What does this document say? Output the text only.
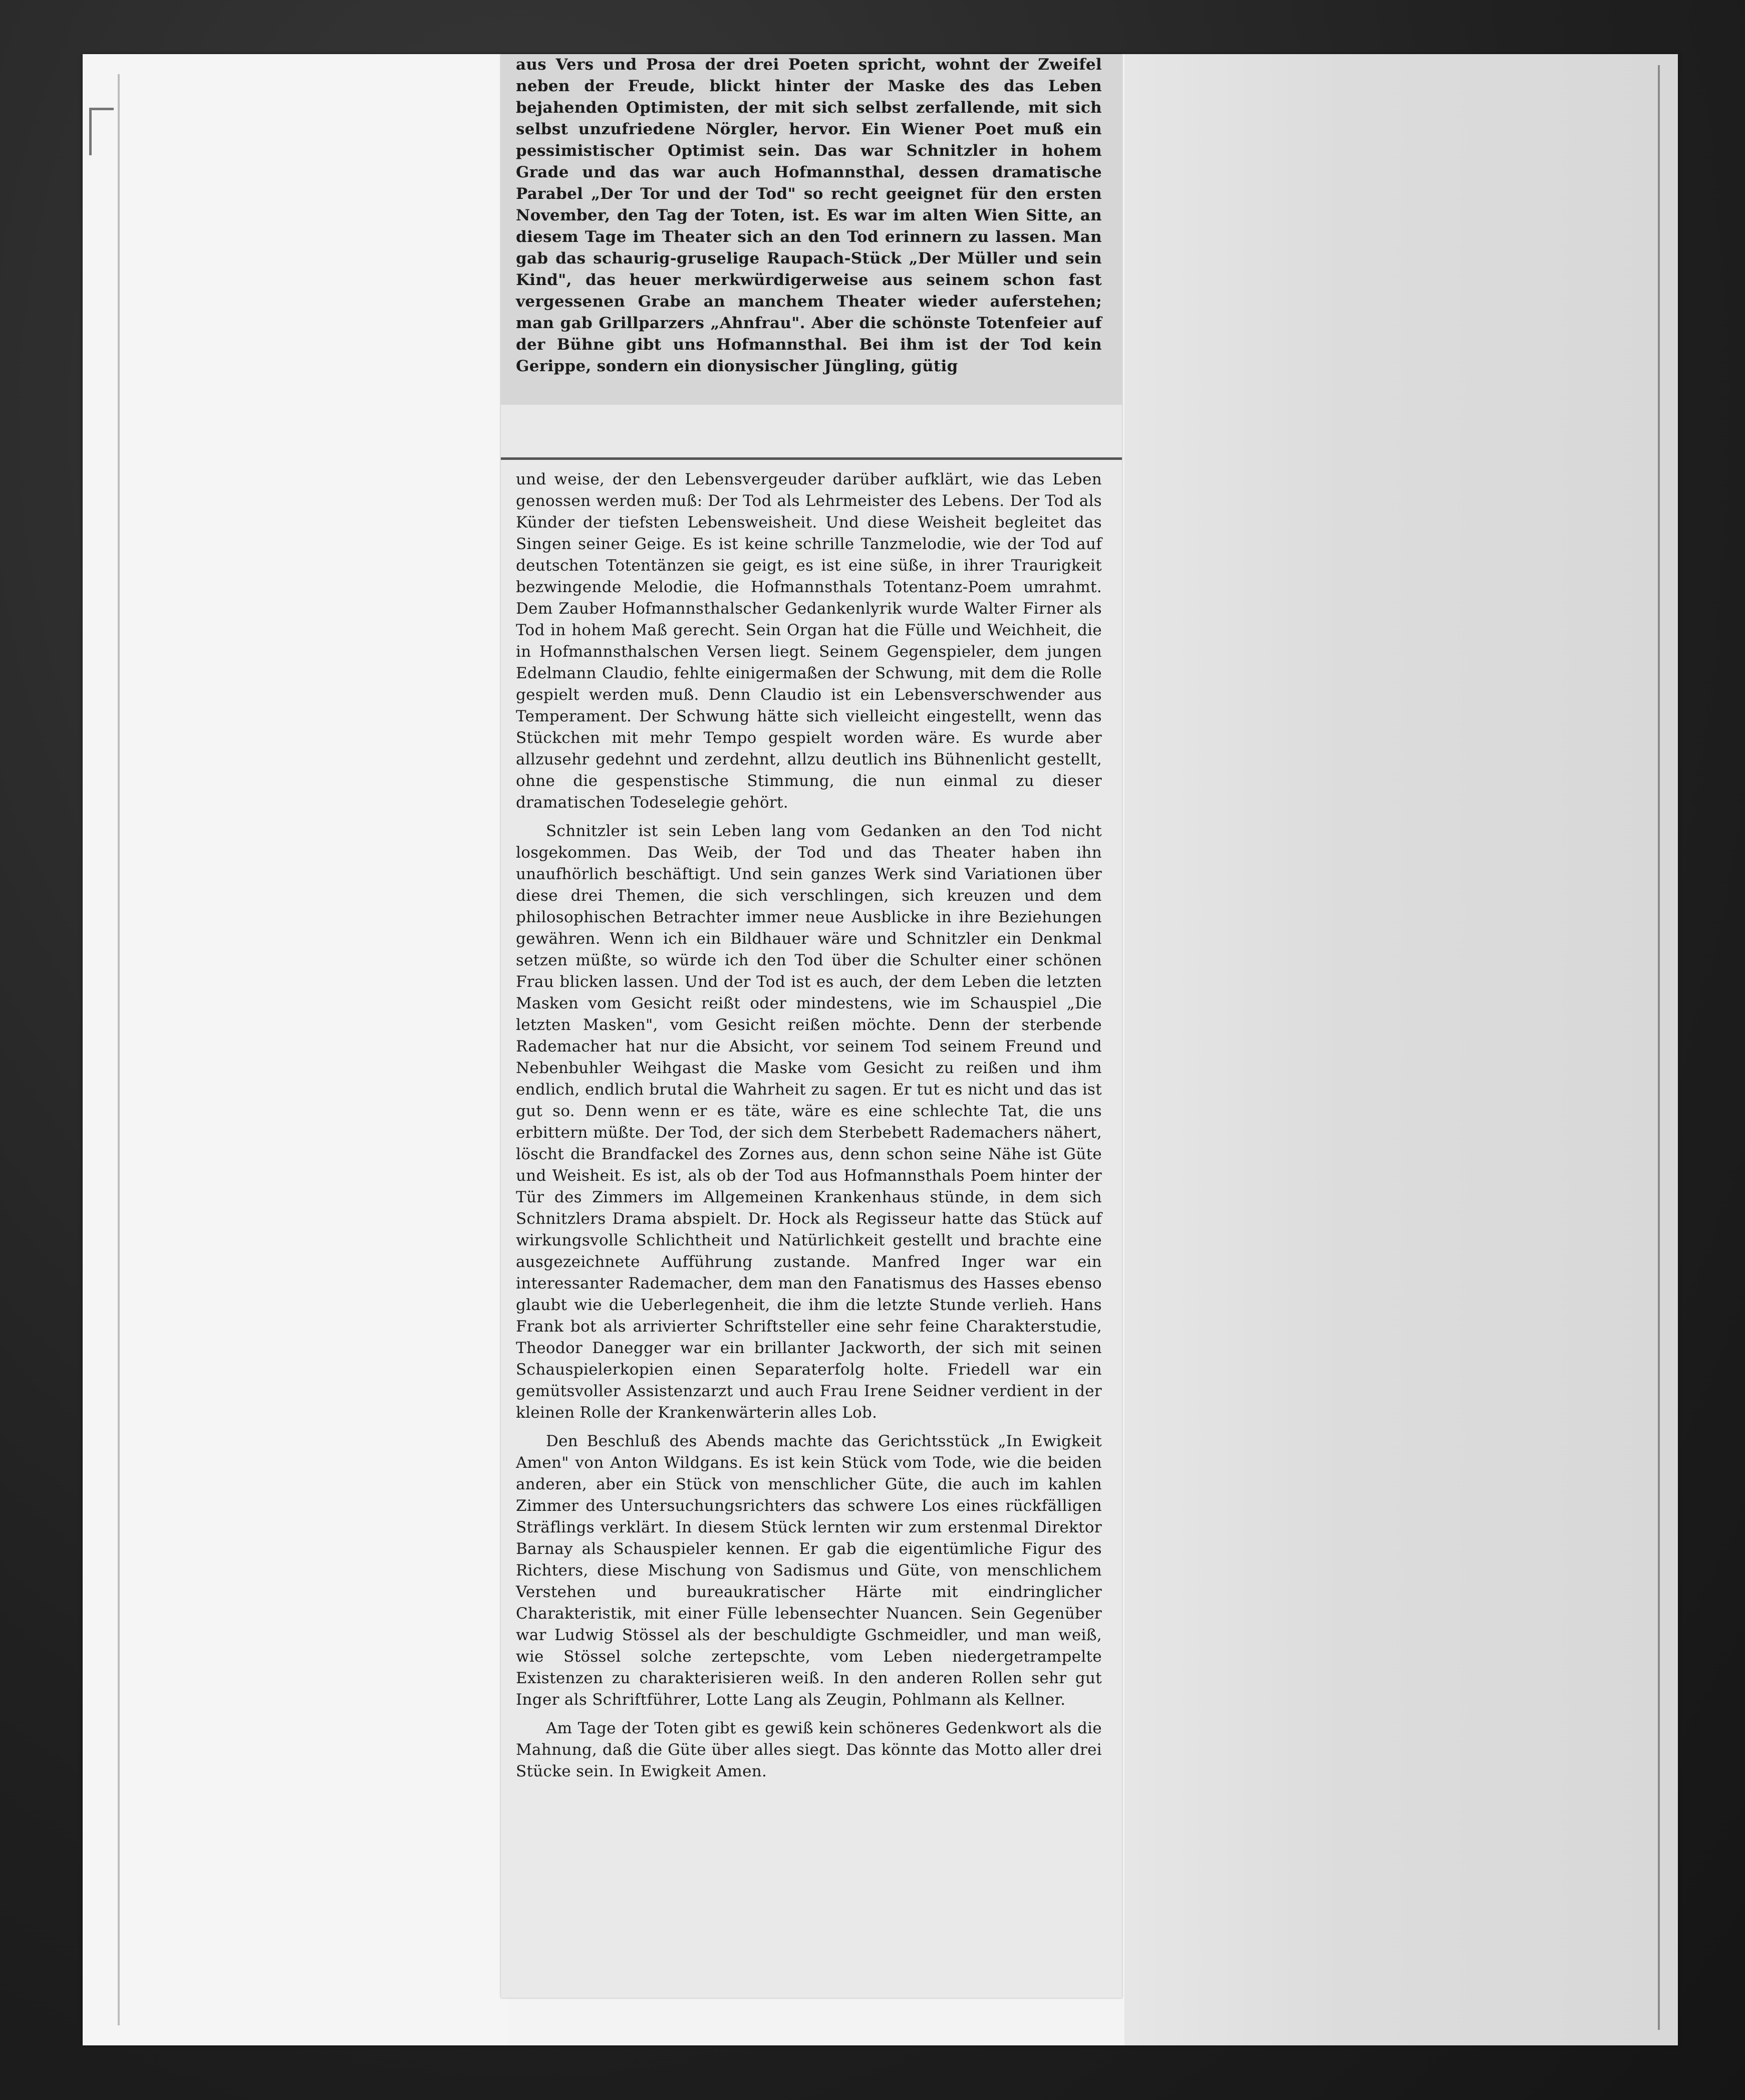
aus Vers und Prosa der drei Poeten spricht, wohnt der Zweifel neben der Freude, blickt hinter der Maske des das Leben bejahenden Optimisten, der mit sich selbst zerfallende, mit sich selbst unzufriedene Nörgler, hervor. Ein Wiener Poet muß ein pessimistischer Optimist sein. Das war Schnitzler in hohem Grade und das war auch Hofmannsthal, dessen dramatische Parabel „Der Tor und der Tod" so recht geeignet für den ersten November, den Tag der Toten, ist. Es war im alten Wien Sitte, an diesem Tage im Theater sich an den Tod erinnern zu lassen. Man gab das schaurig-gruselige Raupach-Stück „Der Müller und sein Kind", das heuer merkwürdigerweise aus seinem schon fast vergessenen Grabe an manchem Theater wieder auferstehen; man gab Grillparzers „Ahnfrau". Aber die schönste Totenfeier auf der Bühne gibt uns Hofmannsthal. Bei ihm ist der Tod kein Gerippe, sondern ein dionysischer Jüngling, gütig

und weise, der den Lebensvergeuder darüber aufklärt, wie das Leben genossen werden muß: Der Tod als Lehrmeister des Lebens. Der Tod als Künder der tiefsten Lebensweisheit. Und diese Weisheit begleitet das Singen seiner Geige. Es ist keine schrille Tanzmelodie, wie der Tod auf deutschen Totentänzen sie geigt, es ist eine süße, in ihrer Traurigkeit bezwingende Melodie, die Hofmannsthals Totentanz-Poem umrahmt. Dem Zauber Hofmannsthalscher Gedankenlyrik wurde Walter Firner als Tod in hohem Maß gerecht. Sein Organ hat die Fülle und Weichheit, die in Hofmannsthalschen Versen liegt. Seinem Gegenspieler, dem jungen Edelmann Claudio, fehlte einigermaßen der Schwung, mit dem die Rolle gespielt werden muß. Denn Claudio ist ein Lebensverschwender aus Temperament. Der Schwung hätte sich vielleicht eingestellt, wenn das Stückchen mit mehr Tempo gespielt worden wäre. Es wurde aber allzusehr gedehnt und zerdehnt, allzu deutlich ins Bühnenlicht gestellt, ohne die gespenstische Stimmung, die nun einmal zu dieser dramatischen Todeselegie gehört.

Schnitzler ist sein Leben lang vom Gedanken an den Tod nicht losgekommen. Das Weib, der Tod und das Theater haben ihn unaufhörlich beschäftigt. Und sein ganzes Werk sind Variationen über diese drei Themen, die sich verschlingen, sich kreuzen und dem philosophischen Betrachter immer neue Ausblicke in ihre Beziehungen gewähren. Wenn ich ein Bildhauer wäre und Schnitzler ein Denkmal setzen müßte, so würde ich den Tod über die Schulter einer schönen Frau blicken lassen. Und der Tod ist es auch, der dem Leben die letzten Masken vom Gesicht reißt oder mindestens, wie im Schauspiel „Die letzten Masken", vom Gesicht reißen möchte. Denn der sterbende Rademacher hat nur die Absicht, vor seinem Tod seinem Freund und Nebenbuhler Weihgast die Maske vom Gesicht zu reißen und ihm endlich, endlich brutal die Wahrheit zu sagen. Er tut es nicht und das ist gut so. Denn wenn er es täte, wäre es eine schlechte Tat, die uns erbittern müßte. Der Tod, der sich dem Sterbebett Rademachers nähert, löscht die Brandfackel des Zornes aus, denn schon seine Nähe ist Güte und Weisheit. Es ist, als ob der Tod aus Hofmannsthals Poem hinter der Tür des Zimmers im Allgemeinen Krankenhaus stünde, in dem sich Schnitzlers Drama abspielt. Dr. Hock als Regisseur hatte das Stück auf wirkungsvolle Schlichtheit und Natürlichkeit gestellt und brachte eine ausgezeichnete Aufführung zustande. Manfred Inger war ein interessanter Rademacher, dem man den Fanatismus des Hasses ebenso glaubt wie die Ueberlegenheit, die ihm die letzte Stunde verlieh. Hans Frank bot als arrivierter Schriftsteller eine sehr feine Charakterstudie, Theodor Danegger war ein brillanter Jackworth, der sich mit seinen Schauspielerkopien einen Separaterfolg holte. Friedell war ein gemütsvoller Assistenzarzt und auch Frau Irene Seidner verdient in der kleinen Rolle der Krankenwärterin alles Lob.

Den Beschluß des Abends machte das Gerichtsstück „In Ewigkeit Amen" von Anton Wildgans. Es ist kein Stück vom Tode, wie die beiden anderen, aber ein Stück von menschlicher Güte, die auch im kahlen Zimmer des Untersuchungsrichters das schwere Los eines rückfälligen Sträflings verklärt. In diesem Stück lernten wir zum erstenmal Direktor Barnay als Schauspieler kennen. Er gab die eigentümliche Figur des Richters, diese Mischung von Sadismus und Güte, von menschlichem Verstehen und bureaukratischer Härte mit eindringlicher Charakteristik, mit einer Fülle lebensechter Nuancen. Sein Gegenüber war Ludwig Stössel als der beschuldigte Gschmeidler, und man weiß, wie Stössel solche zertepschte, vom Leben niedergetrampelte Existenzen zu charakterisieren weiß. In den anderen Rollen sehr gut Inger als Schriftführer, Lotte Lang als Zeugin, Pohlmann als Kellner.

Am Tage der Toten gibt es gewiß kein schöneres Gedenkwort als die Mahnung, daß die Güte über alles siegt. Das könnte das Motto aller drei Stücke sein. In Ewigkeit Amen.
